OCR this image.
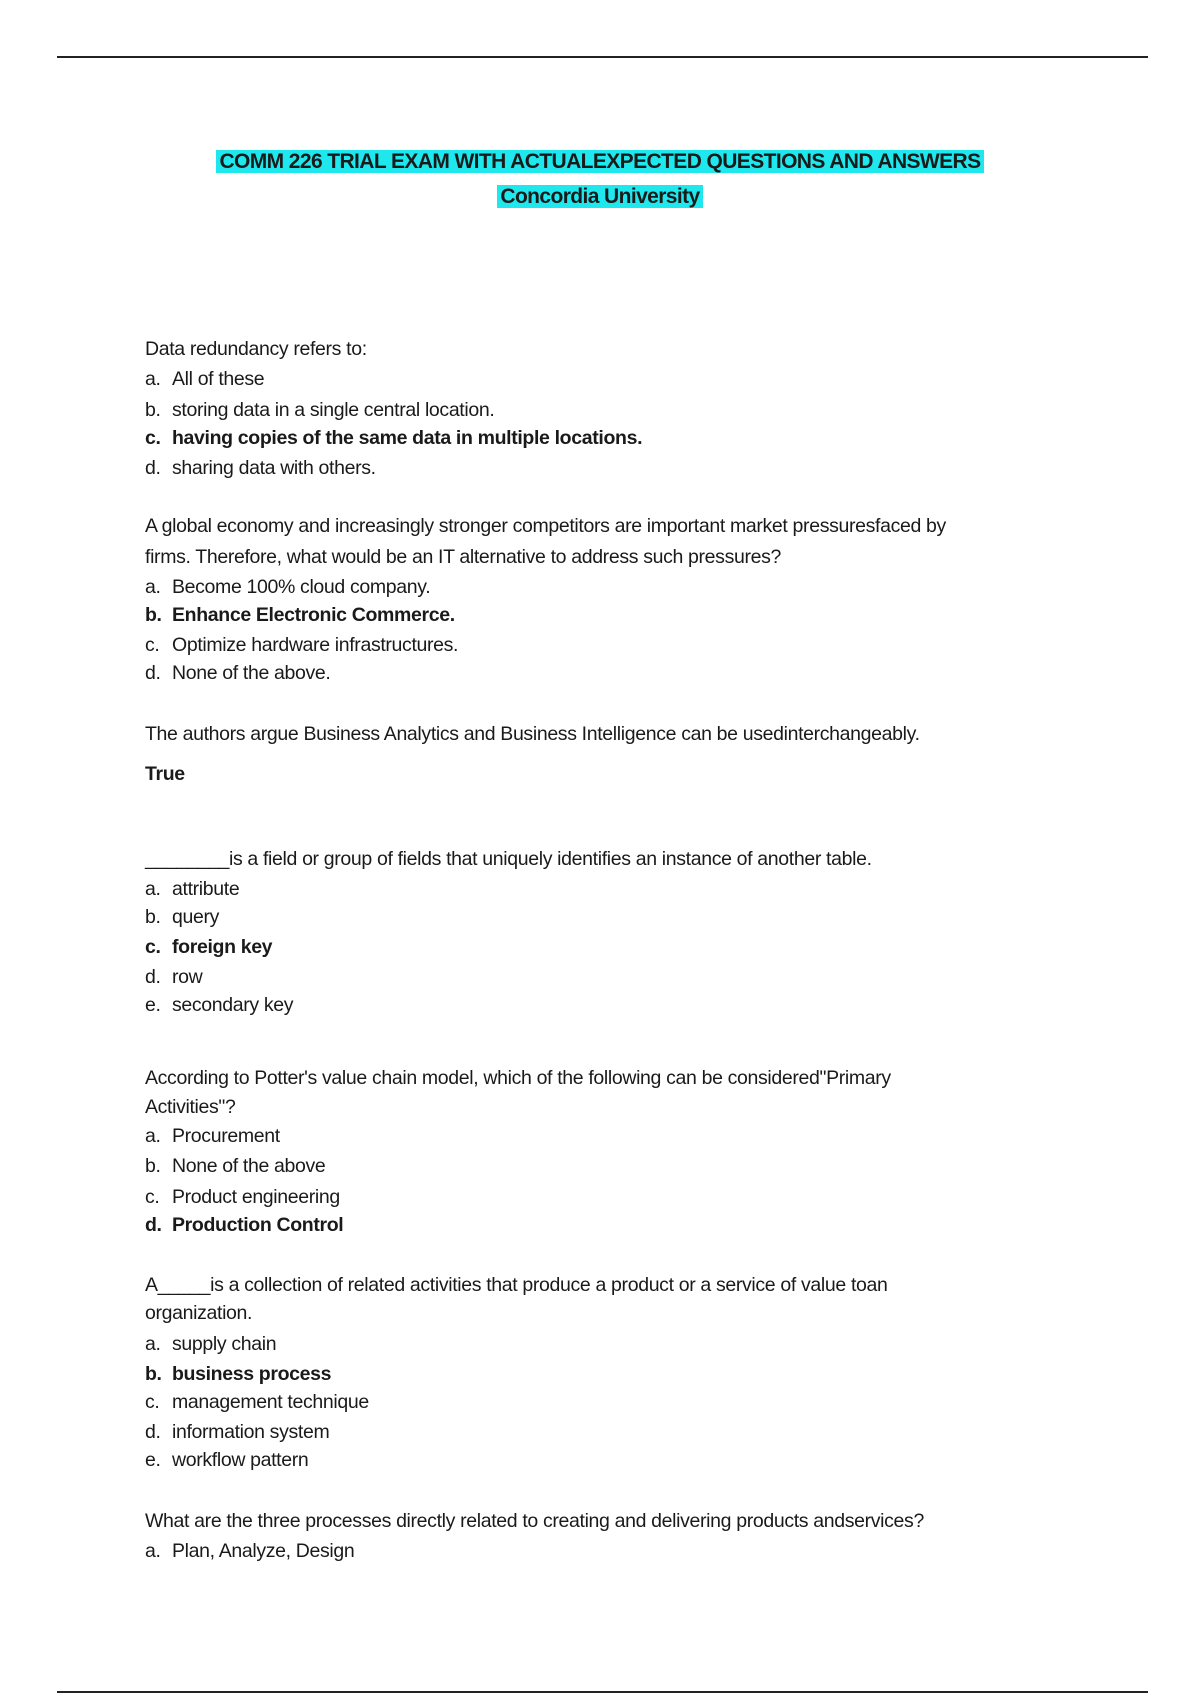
COMM 226 TRIAL EXAM WITH ACTUALEXPECTED QUESTIONS AND ANSWERS
Concordia University
Data redundancy refers to:
a. All of these
b. storing data in a single central location.
c. having copies of the same data in multiple locations.
d. sharing data with others.
A global economy and increasingly stronger competitors are important market pressuresfaced by
firms. Therefore, what would be an IT alternative to address such pressures?
a. Become 100% cloud company.
b. Enhance Electronic Commerce.
c. Optimize hardware infrastructures.
d. None of the above.
The authors argue Business Analytics and Business Intelligence can be usedinterchangeably.
True
________is a field or group of fields that uniquely identifies an instance of another table.
a. attribute
b. query
c. foreign key
d. row
e. secondary key
According to Potter's value chain model, which of the following can be considered"Primary
Activities"?
a. Procurement
b. None of the above
c. Product engineering
d. Production Control
A_____is a collection of related activities that produce a product or a service of value toan
organization.
a. supply chain
b. business process
c. management technique
d. information system
e. workflow pattern
What are the three processes directly related to creating and delivering products andservices?
a. Plan, Analyze, Design
